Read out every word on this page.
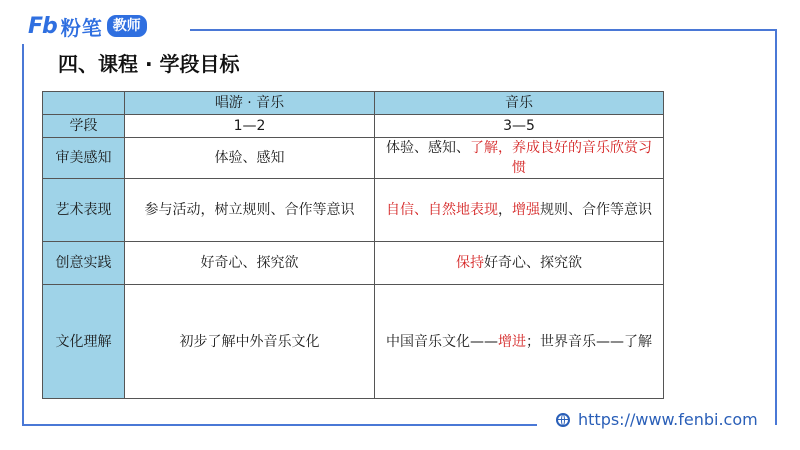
Fb 粉笔 教师
四、课程 · 学段目标
	唱游 · 音乐	音乐
学段	1—2	3—5
审美感知	体验、感知	体验、感知、了解，养成良好的音乐欣赏习惯
艺术表现	参与活动，树立规则、合作等意识	自信、自然地表现，增强规则、合作等意识
创意实践	好奇心、探究欲	保持好奇心、探究欲
文化理解	初步了解中外音乐文化	中国音乐文化——增进；世界音乐——了解
https://www.fenbi.com
